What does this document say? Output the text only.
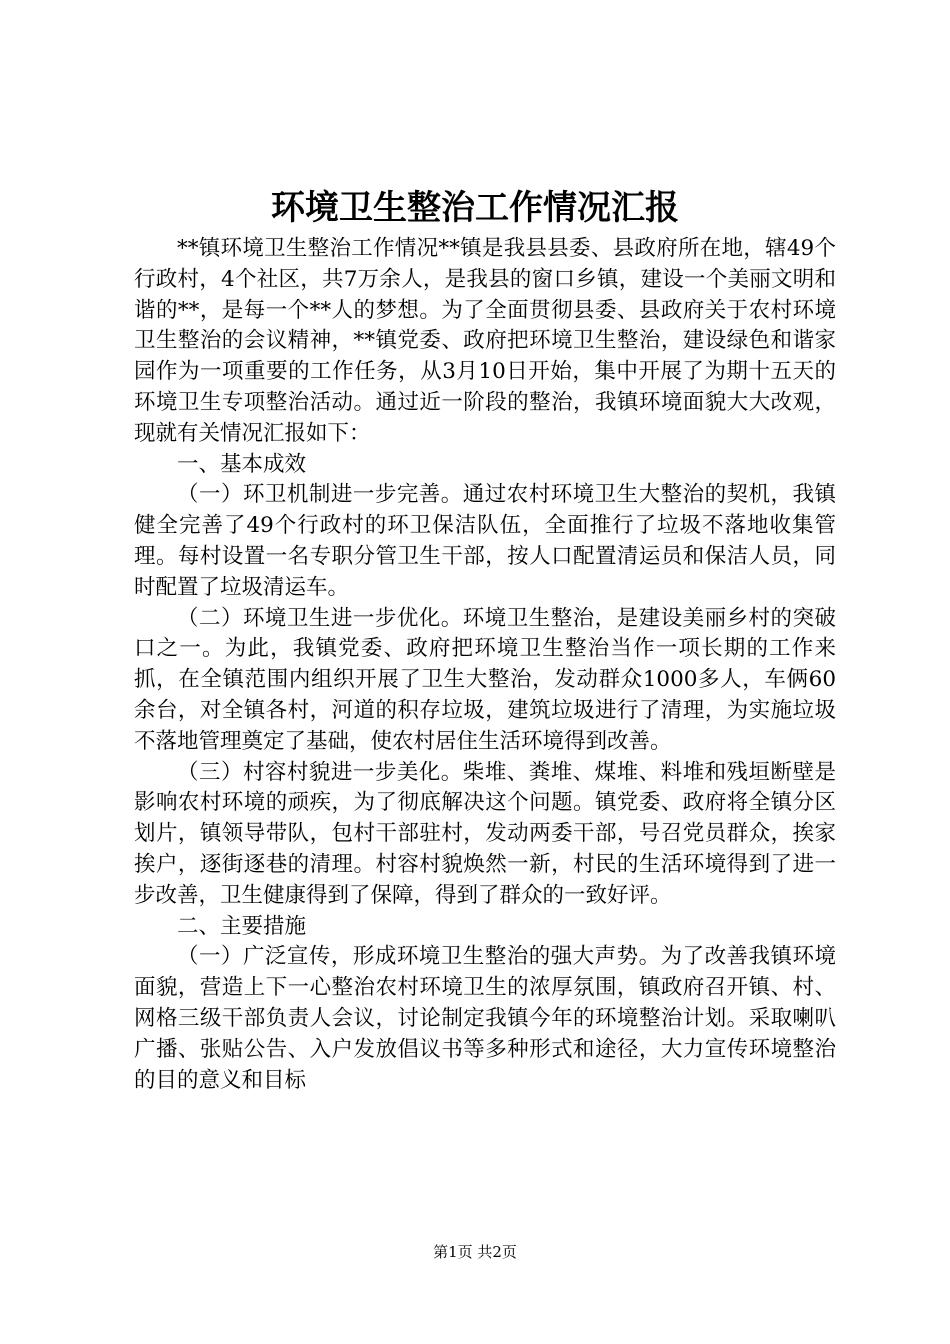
环境卫生整治工作情况汇报

**镇环境卫生整治工作情况**镇是我县县委、县政府所在地，辖49个行政村，4个社区，共7万余人，是我县的窗口乡镇，建设一个美丽文明和谐的**，是每一个**人的梦想。为了全面贯彻县委、县政府关于农村环境卫生整治的会议精神，**镇党委、政府把环境卫生整治，建设绿色和谐家园作为一项重要的工作任务，从3月10日开始，集中开展了为期十五天的环境卫生专项整治活动。通过近一阶段的整治，我镇环境面貌大大改观，现就有关情况汇报如下：

一、基本成效

（一）环卫机制进一步完善。通过农村环境卫生大整治的契机，我镇健全完善了49个行政村的环卫保洁队伍，全面推行了垃圾不落地收集管理。每村设置一名专职分管卫生干部，按人口配置清运员和保洁人员，同时配置了垃圾清运车。

（二）环境卫生进一步优化。环境卫生整治，是建设美丽乡村的突破口之一。为此，我镇党委、政府把环境卫生整治当作一项长期的工作来抓，在全镇范围内组织开展了卫生大整治，发动群众1000多人，车俩60余台，对全镇各村，河道的积存垃圾，建筑垃圾进行了清理，为实施垃圾不落地管理奠定了基础，使农村居住生活环境得到改善。

（三）村容村貌进一步美化。柴堆、粪堆、煤堆、料堆和残垣断壁是影响农村环境的顽疾，为了彻底解决这个问题。镇党委、政府将全镇分区划片，镇领导带队，包村干部驻村，发动两委干部，号召党员群众，挨家挨户，逐街逐巷的清理。村容村貌焕然一新，村民的生活环境得到了进一步改善，卫生健康得到了保障，得到了群众的一致好评。

二、主要措施

（一）广泛宣传，形成环境卫生整治的强大声势。为了改善我镇环境面貌，营造上下一心整治农村环境卫生的浓厚氛围，镇政府召开镇、村、网格三级干部负责人会议，讨论制定我镇今年的环境整治计划。采取喇叭广播、张贴公告、入户发放倡议书等多种形式和途径，大力宣传环境整治的目的意义和目标

第1页 共2页
